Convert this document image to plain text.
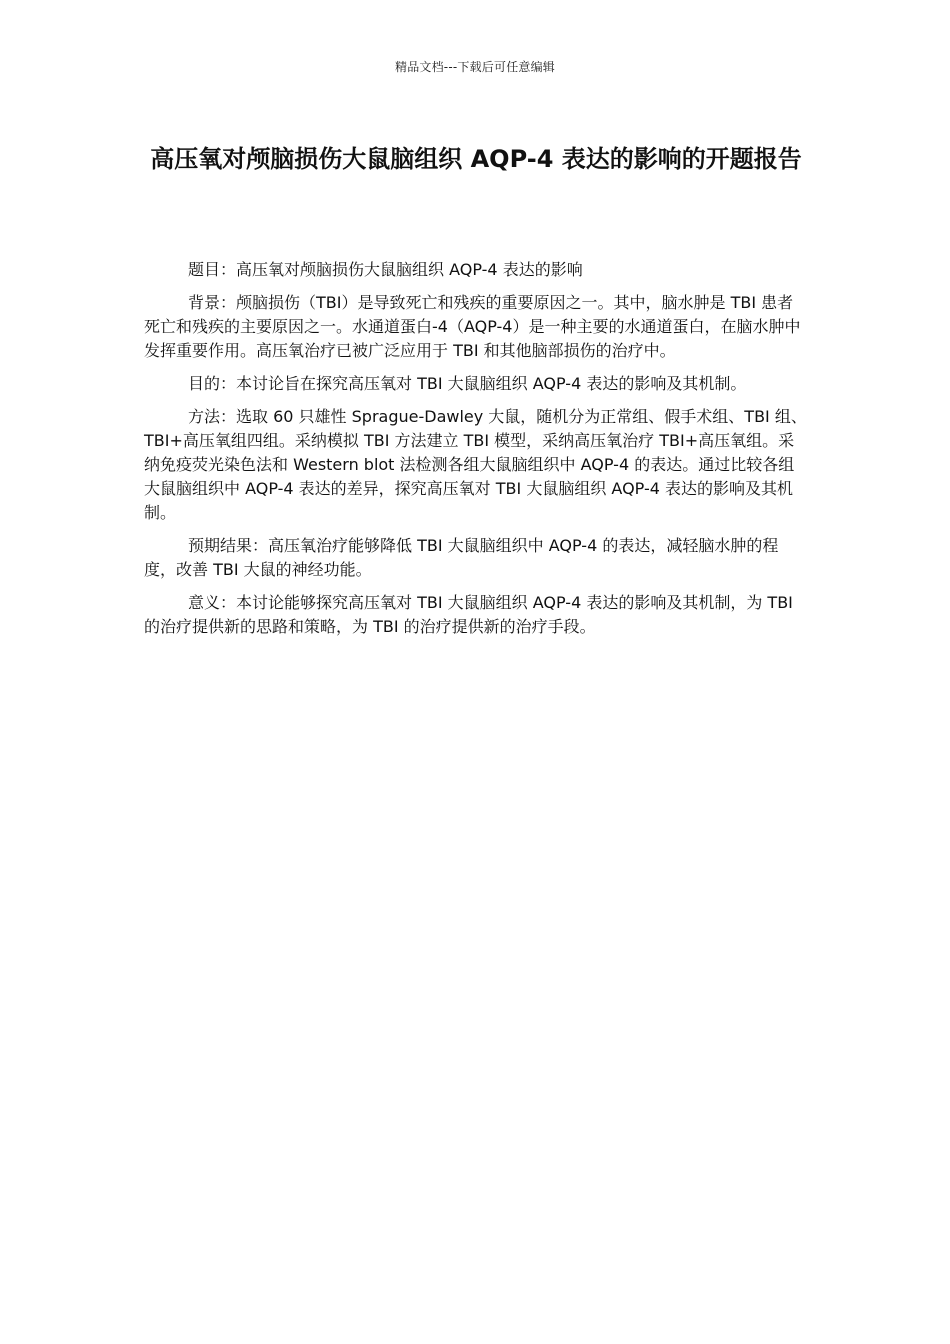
精品文档---下载后可任意编辑
高压氧对颅脑损伤大鼠脑组织 AQP-4 表达的影响的开题报告

题目：高压氧对颅脑损伤大鼠脑组织 AQP-4 表达的影响

背景：颅脑损伤（TBI）是导致死亡和残疾的重要原因之一。其中，脑水肿是 TBI 患者死亡和残疾的主要原因之一。水通道蛋白-4（AQP-4）是一种主要的水通道蛋白，在脑水肿中发挥重要作用。高压氧治疗已被广泛应用于 TBI 和其他脑部损伤的治疗中。

目的：本讨论旨在探究高压氧对 TBI 大鼠脑组织 AQP-4 表达的影响及其机制。

方法：选取 60 只雄性 Sprague-Dawley 大鼠，随机分为正常组、假手术组、TBI 组、TBI+高压氧组四组。采纳模拟 TBI 方法建立 TBI 模型，采纳高压氧治疗 TBI+高压氧组。采纳免疫荧光染色法和 Western blot 法检测各组大鼠脑组织中 AQP-4 的表达。通过比较各组大鼠脑组织中 AQP-4 表达的差异，探究高压氧对 TBI 大鼠脑组织 AQP-4 表达的影响及其机制。

预期结果：高压氧治疗能够降低 TBI 大鼠脑组织中 AQP-4 的表达，减轻脑水肿的程度，改善 TBI 大鼠的神经功能。

意义：本讨论能够探究高压氧对 TBI 大鼠脑组织 AQP-4 表达的影响及其机制，为 TBI 的治疗提供新的思路和策略，为 TBI 的治疗提供新的治疗手段。
